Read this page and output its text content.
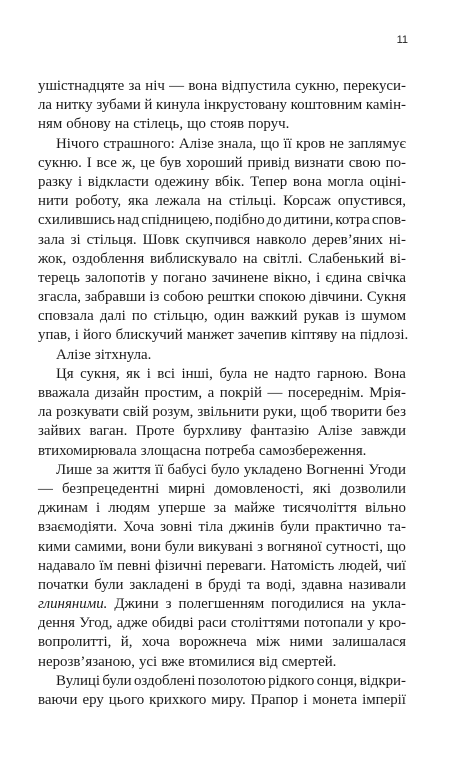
11
ушістнадцяте за ніч — вона відпустила сукню, перекуси-
ла нитку зубами й кинула інкрустовану коштовним камін-
ням обнову на стілець, що стояв поруч.
Нічого страшного: Алізе знала, що її кров не заплямує
сукню. І все ж, це був хороший привід визнати свою по-
разку і відкласти одежину вбік. Тепер вона могла оціні-
нити роботу, яка лежала на стільці. Корсаж опустився,
схилившись над спідницею, подібно до дитини, котра спов-
зала зі стільця. Шовк скупчився навколо дерев’яних ні-
жок, оздоблення виблискувало на світлі. Слабенький ві-
терець залопотів у погано зачинене вікно, і єдина свічка
згасла, забравши із собою рештки спокою дівчини. Сукня
сповзала далі по стільцю, один важкий рукав із шумом
упав, і його блискучий манжет зачепив кіптяву на підлозі.
Алізе зітхнула.
Ця сукня, як і всі інші, була не надто гарною. Вона
вважала дизайн простим, а покрій — посереднім. Мрія-
ла розкувати свій розум, звільнити руки, щоб творити без
зайвих ваган. Проте бурхливу фантазію Алізе завжди
втихомирювала злощасна потреба самозбереження.
Лише за життя її бабусі було укладено Вогненні Угоди
— безпрецедентні мирні домовленості, які дозволили
джинам і людям уперше за майже тисячоліття вільно
взаємодіяти. Хоча зовні тіла джинів були практично та-
кими самими, вони були викувані з вогняної сутності, що
надавало їм певні фізичні переваги. Натомість людей, чиї
початки були закладені в бруді та воді, здавна називали
глиняними. Джини з полегшенням погодилися на укла-
дення Угод, адже обидві раси століттями потопали у кро-
вопролитті, й, хоча ворожнеча між ними залишалася
нерозв’язаною, усі вже втомилися від смертей.
Вулиці були оздоблені позолотою рідкого сонця, відкри-
ваючи еру цього крихкого миру. Прапор і монета імперії
